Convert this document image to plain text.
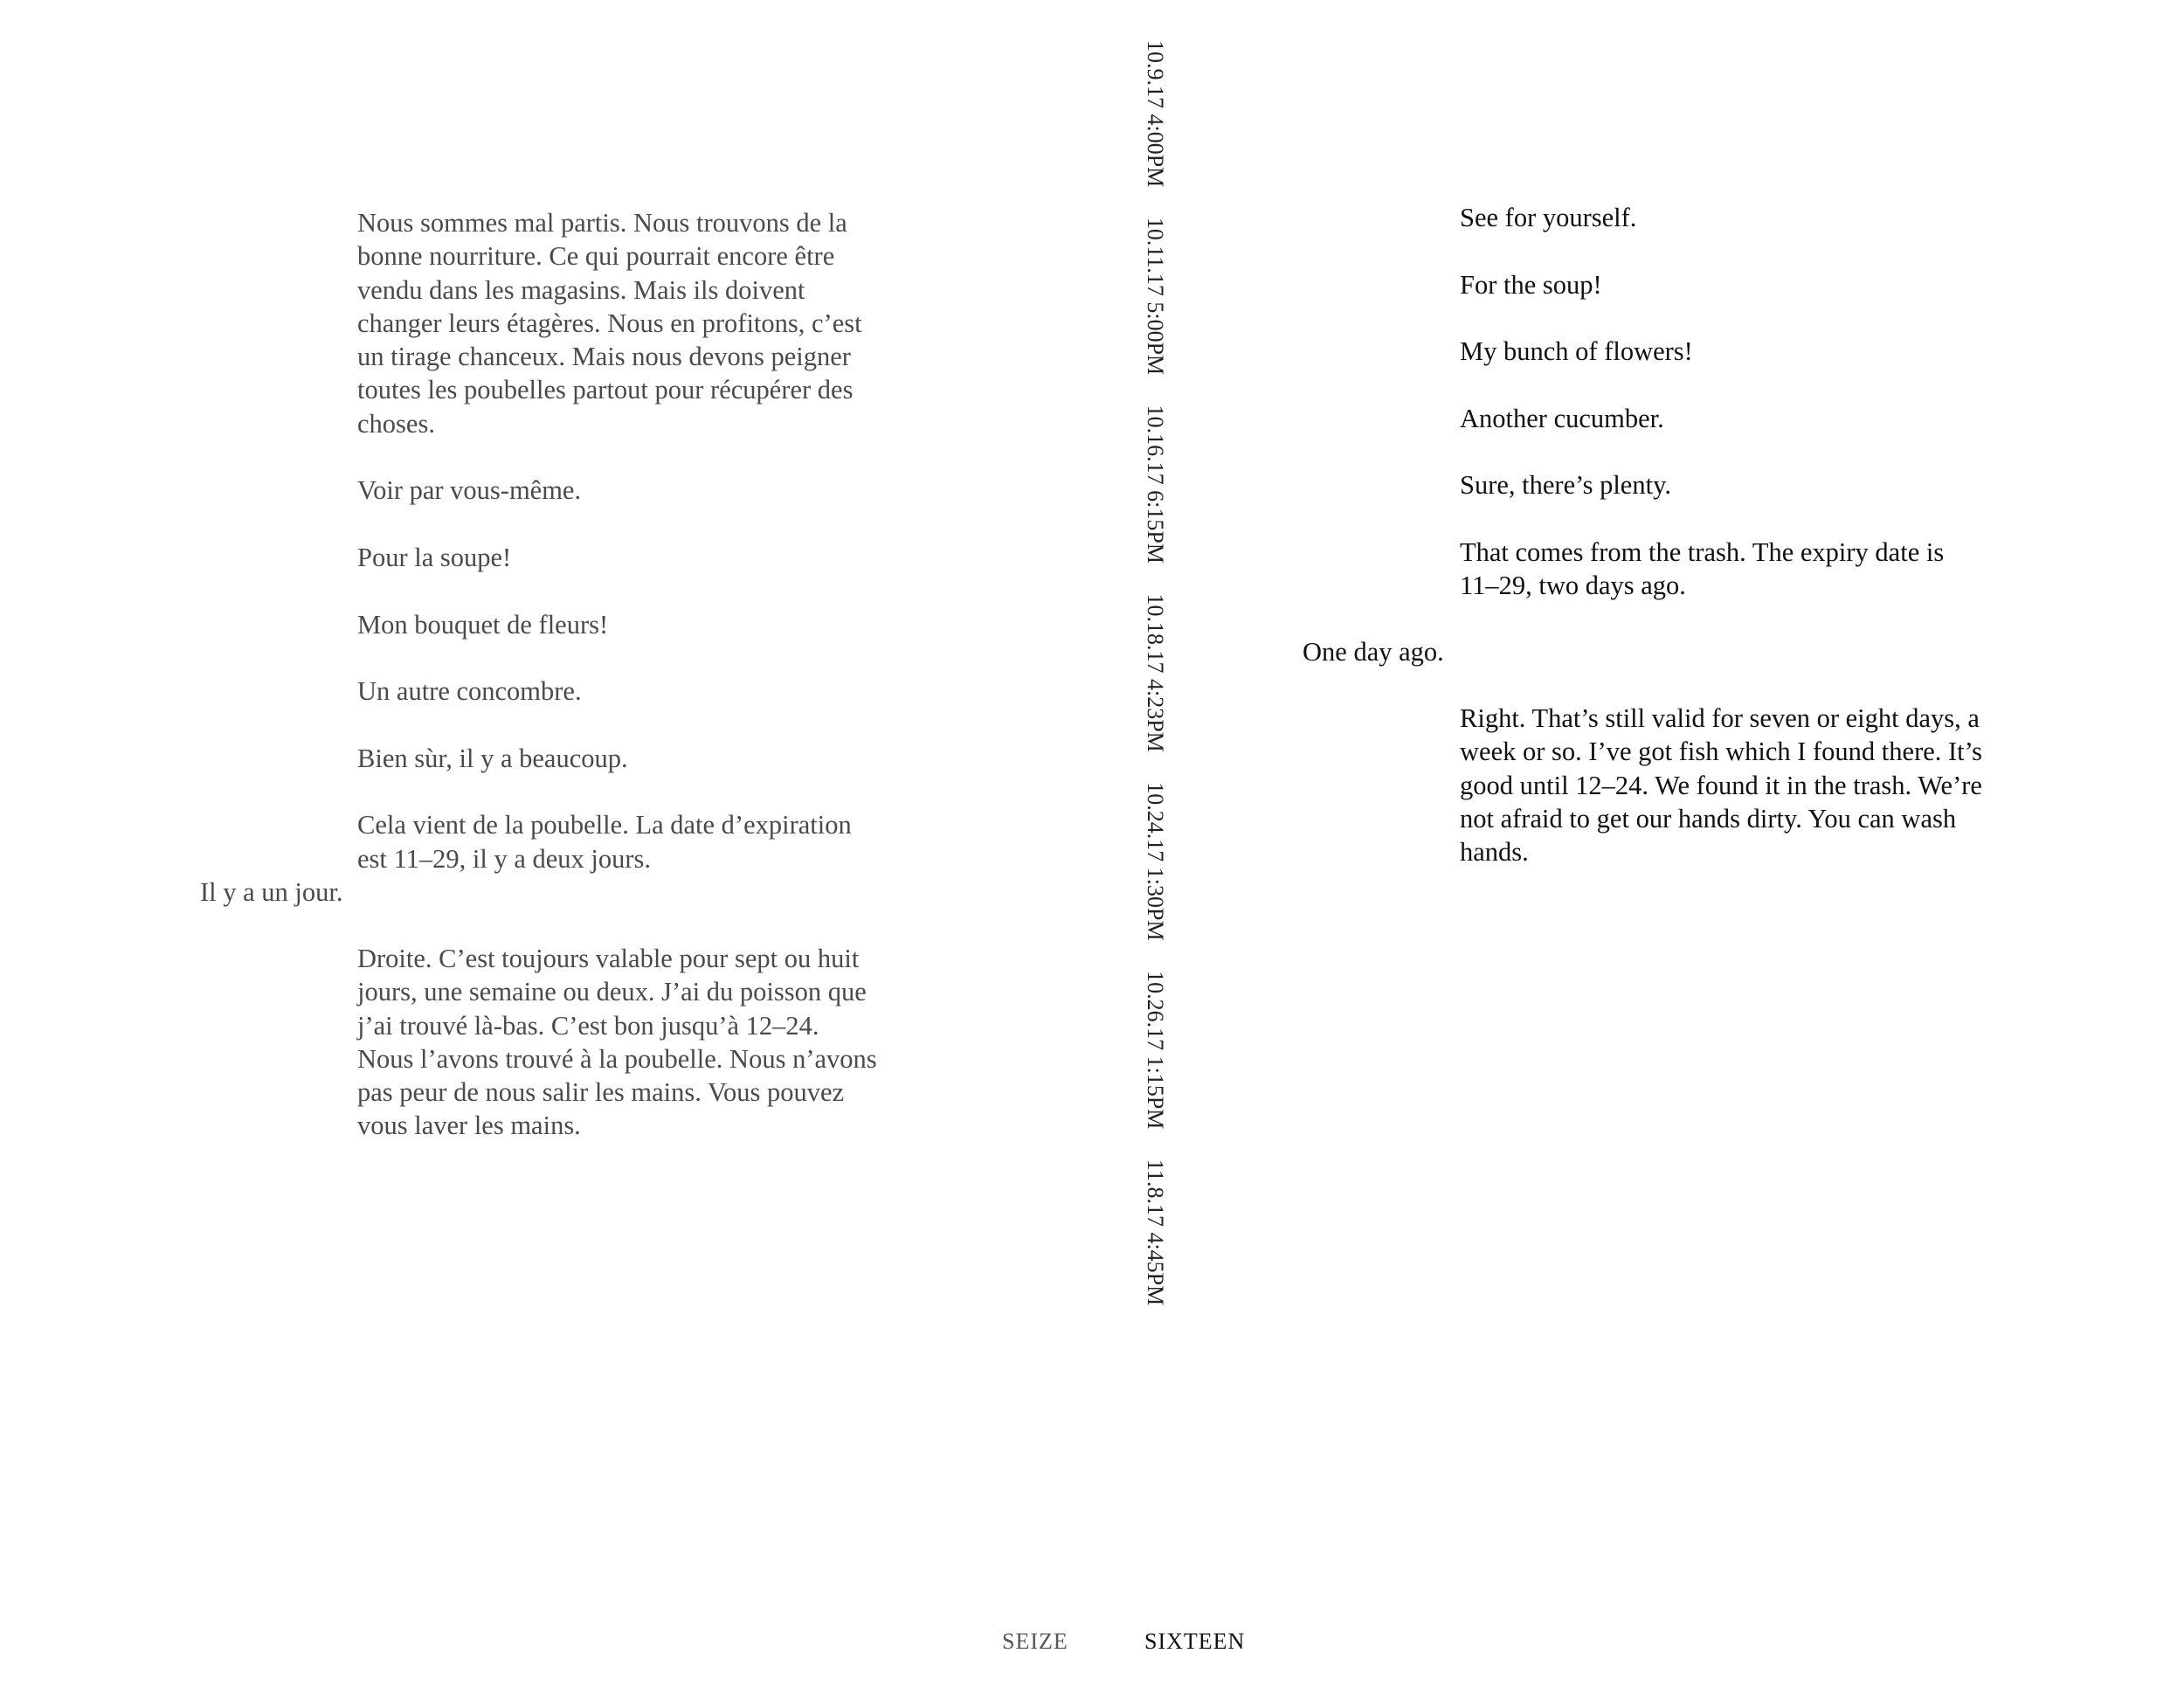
Nous sommes mal partis. Nous trouvons de la bonne nourriture. Ce qui pourrait encore être vendu dans les magasins. Mais ils doivent changer leurs étagères. Nous en profitons, c’est un tirage chanceux. Mais nous devons peigner toutes les poubelles partout pour récupérer des choses.

Voir par vous-même.

Pour la soupe!

Mon bouquet de fleurs!

Un autre concombre.

Bien sùr, il y a beaucoup.

Cela vient de la poubelle. La date d’expiration est 11–29, il y a deux jours.

Il y a un jour.

Droite. C’est toujours valable pour sept ou huit jours, une semaine ou deux. J’ai du poisson que j’ai trouvé là-bas. C’est bon jusqu’à 12–24. Nous l’avons trouvé à la poubelle. Nous n’avons pas peur de nous salir les mains. Vous pouvez vous laver les mains.

10.9.17 4:00PM 10.11.17 5:00PM 10.16.17 6:15PM 10.18.17 4:23PM 10.24.17 1:30PM 10.26.17 1:15PM 11.8.17 4:45PM

See for yourself.

For the soup!

My bunch of flowers!

Another cucumber.

Sure, there’s plenty.

That comes from the trash. The expiry date is 11–29, two days ago.

One day ago.

Right. That’s still valid for seven or eight days, a week or so. I’ve got fish which I found there. It’s good until 12–24. We found it in the trash. We’re not afraid to get our hands dirty. You can wash hands.

SEIZE	SIXTEEN
